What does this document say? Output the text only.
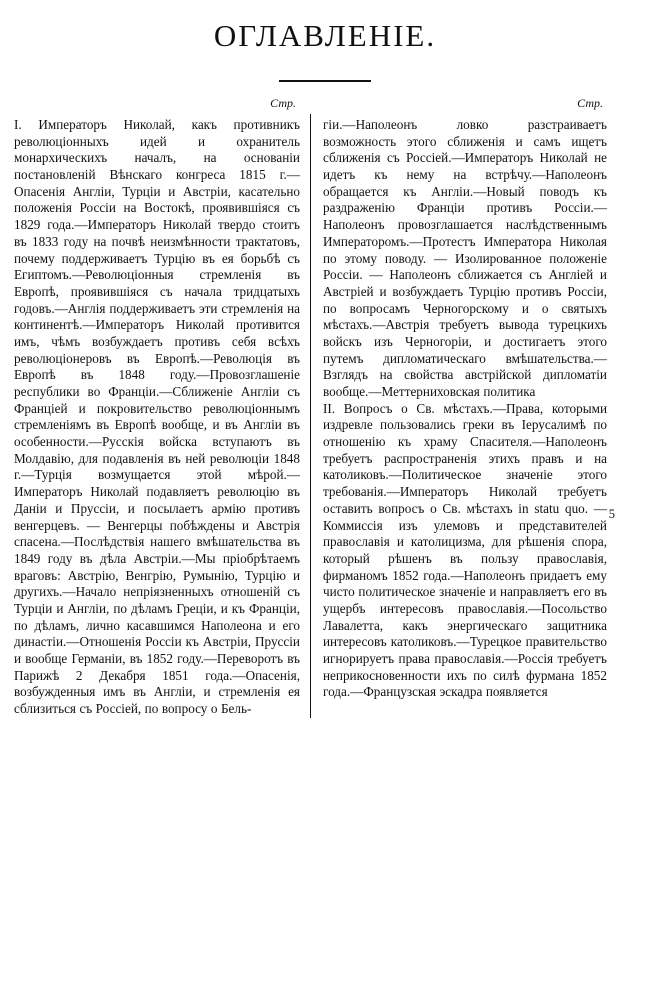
ОГЛАВЛЕНІЕ.
Стр.

I. Императоръ Николай, какъ противникъ революціонныхъ идей и охранитель монархическихъ началъ, на основаніи постановленій Вѣнскаго конгреса 1815 г.—Опасенія Англіи, Турціи и Австріи, касательно положенія Россіи на Востокѣ, проявившіяся съ 1829 года.—Императоръ Николай твердо стоитъ въ 1833 году на почвѣ неизмѣнности трактатовъ, почему поддерживаетъ Турцію въ ея борьбѣ съ Египтомъ.—Революціонныя стремленія въ Европѣ, проявившіяся съ начала тридцатыхъ годовъ.—Англія поддерживаетъ эти стремленія на континентѣ.—Императоръ Николай противится имъ, чѣмъ возбуждаетъ противъ себя всѣхъ революціонеровъ въ Европѣ.—Революція въ Европѣ въ 1848 году.—Провозглашеніе республики во Франціи.—Сближеніе Англіи съ Франціей и покровительство революціоннымъ стремленіямъ въ Европѣ вообще, и въ Англіи въ особенности.—Русскія войска вступаютъ въ Молдавію, для подавленія въ ней революціи 1848 г.—Турція возмущается этой мѣрой.—Императоръ Николай подавляетъ революцію въ Даніи и Пруссіи, и посылаетъ армію противъ венгерцевъ. — Венгерцы побѣждены и Австрія спасена.—Послѣдствія нашего вмѣшательства въ 1849 году въ дѣла Австріи.—Мы пріобрѣтаемъ враговъ: Австрію, Венгрію, Румынію, Турцію и другихъ.—Начало непріязненныхъ отношеній съ Турціи и Англіи, по дѣламъ Греціи, и къ Франціи, по дѣламъ, лично касавшимся Наполеона и его династіи.—Отношенія Россіи къ Австріи, Пруссіи и вообще Германіи, въ 1852 году.—Переворотъ въ Парижѣ 2 Декабря 1851 года.—Опасенія, возбужденныя имъ въ Англіи, и стремленія ея сблизиться съ Россіей, по вопросу о Бель-

Стр.

гіи.—Наполеонъ ловко разстраиваетъ возможность этого сближенія и самъ ищетъ сближенія съ Россіей.—Императоръ Николай не идетъ къ нему на встрѣчу.—Наполеонъ обращается къ Англіи.—Новый поводъ къ раздраженію Франціи противъ Россіи.—Наполеонъ провозглашается наслѣдственнымъ Императоромъ.—Протестъ Императора Николая по этому поводу. — Изолированное положеніе Россіи. — Наполеонъ сближается съ Англіей и Австріей и возбуждаетъ Турцію противъ Россіи, по вопросамъ Черногорскому и о святыхъ мѣстахъ.—Австрія требуетъ вывода турецкихъ войскъ изъ Черногоріи, и достигаетъ этого путемъ дипломатическаго вмѣшательства.—Взглядъ на свойства австрійской дипломатіи вообще.—Меттерниховская политика

II. Вопросъ о Св. мѣстахъ.—Права, которыми издревле пользовались греки въ Іерусалимѣ по отношенію къ храму Спасителя.—Наполеонъ требуетъ распространенія этихъ правъ и на католиковъ.—Политическое значеніе этого требованія.—Императоръ Николай требуетъ оставить вопросъ о Св. мѣстахъ in statu quo. — Коммиссія изъ улемовъ и представителей православія и католицизма, для рѣшенія спора, который рѣшенъ въ пользу православія, фирманомъ 1852 года.—Наполеонъ придаетъ ему чисто политическое значеніе и направляетъ его въ ущербъ интересовъ православія.—Посольство Лавалетта, какъ энергическаго защитника интересовъ католиковъ.—Турецкое правительство игнорируетъ права православія.—Россія требуетъ неприкосновенности ихъ по силѣ фурмана 1852 года.—Французская эскадра появляется

5
